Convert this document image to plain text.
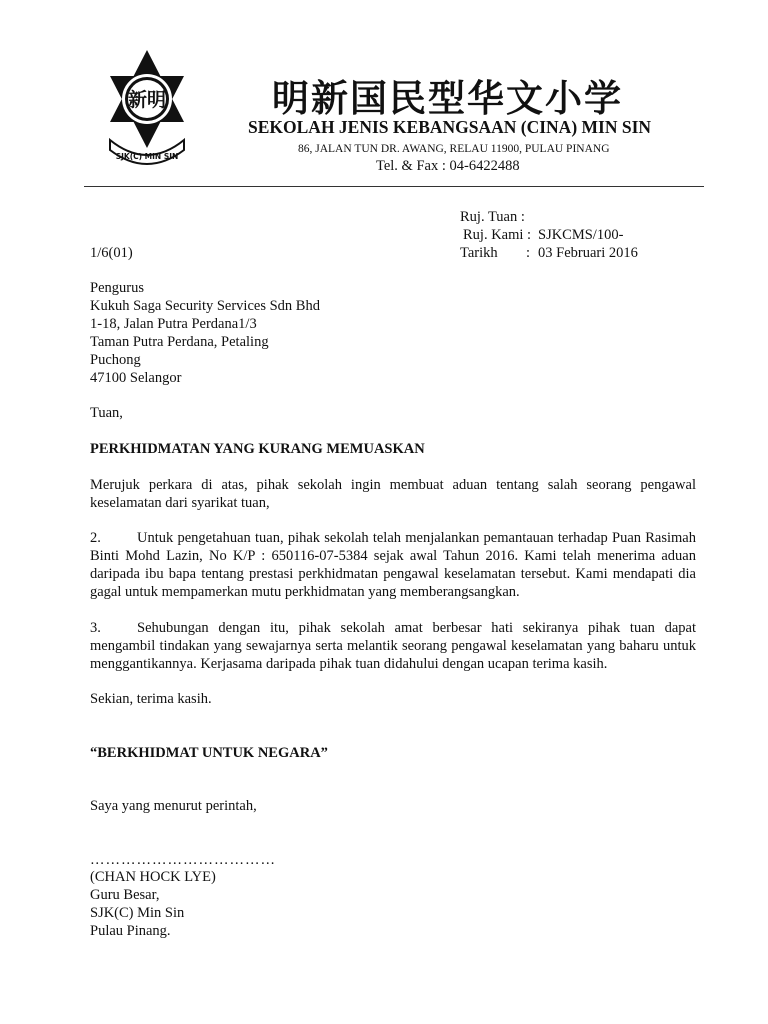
新明
SJK(C) MIN SIN
明新国民型华文小学
SEKOLAH JENIS KEBANGSAAN (CINA) MIN SIN
86, JALAN TUN DR. AWANG, RELAU 11900, PULAU PINANG
Tel. & Fax : 04-6422488
Ruj. Tuan :
Ruj. Kami : SJKCMS/100-
1/6(01)	Tarikh : 03 Februari 2016
Pengurus
Kukuh Saga Security Services Sdn Bhd
1-18, Jalan Putra Perdana1/3
Taman Putra Perdana, Petaling
Puchong
47100 Selangor
Tuan,
PERKHIDMATAN YANG KURANG MEMUASKAN
Merujuk perkara di atas, pihak sekolah ingin membuat aduan tentang salah seorang pengawal keselamatan dari syarikat tuan,
2.	Untuk pengetahuan tuan, pihak sekolah telah menjalankan pemantauan terhadap Puan Rasimah Binti Mohd Lazin, No K/P : 650116-07-5384 sejak awal Tahun 2016. Kami telah menerima aduan daripada ibu bapa tentang prestasi perkhidmatan pengawal keselamatan tersebut. Kami mendapati dia gagal untuk mempamerkan mutu perkhidmatan yang memberangsangkan.
3.	Sehubungan dengan itu, pihak sekolah amat berbesar hati sekiranya pihak tuan dapat mengambil tindakan yang sewajarnya serta melantik seorang pengawal keselamatan yang baharu untuk menggantikannya. Kerjasama daripada pihak tuan didahului dengan ucapan terima kasih.
Sekian, terima kasih.
“BERKHIDMAT UNTUK NEGARA”
Saya yang menurut perintah,
………………………………
(CHAN HOCK LYE)
Guru Besar,
SJK(C) Min Sin
Pulau Pinang.
